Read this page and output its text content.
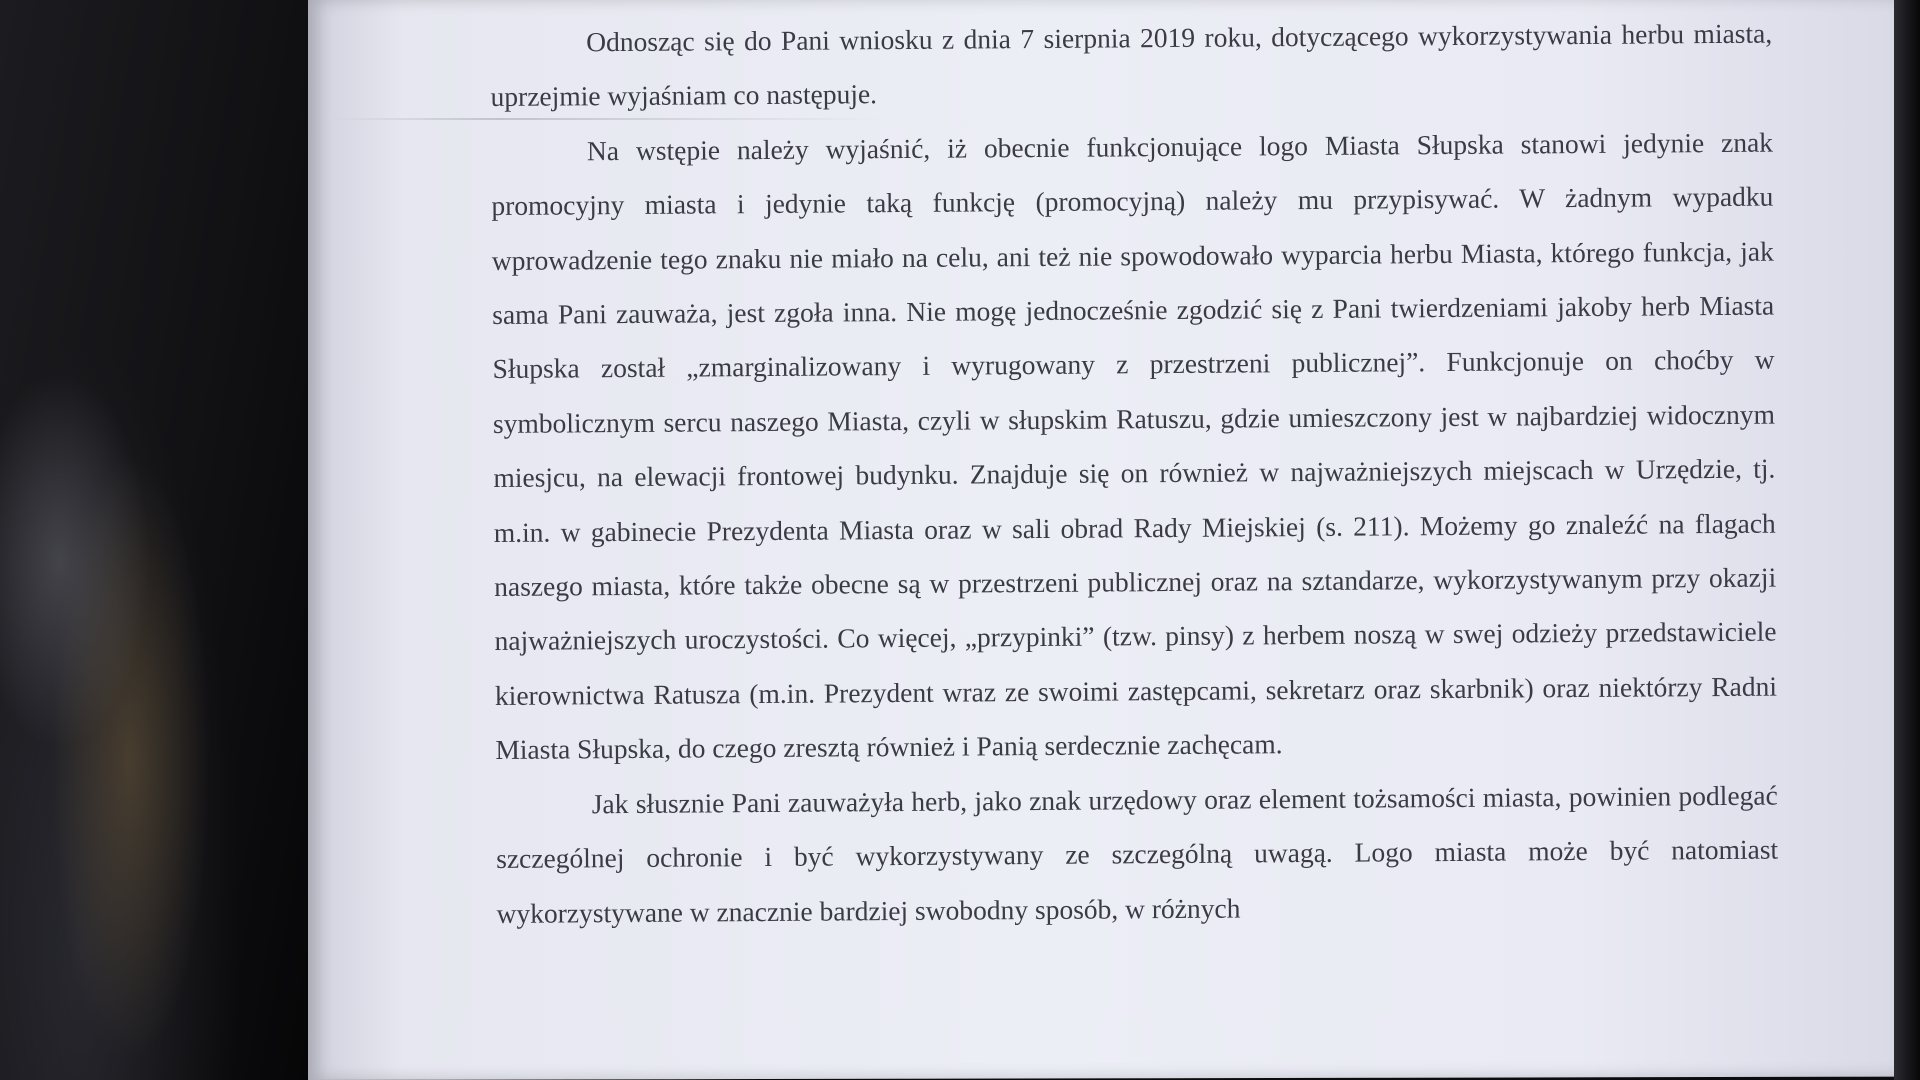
Odnosząc się do Pani wniosku z dnia 7 sierpnia 2019 roku, dotyczącego wykorzystywania herbu miasta, uprzejmie wyjaśniam co następuje.

Na wstępie należy wyjaśnić, iż obecnie funkcjonujące logo Miasta Słupska stanowi jedynie znak promocyjny miasta i jedynie taką funkcję (promocyjną) należy mu przypisywać. W żadnym wypadku wprowadzenie tego znaku nie miało na celu, ani też nie spowodowało wyparcia herbu Miasta, którego funkcja, jak sama Pani zauważa, jest zgoła inna. Nie mogę jednocześnie zgodzić się z Pani twierdzeniami jakoby herb Miasta Słupska został „zmarginalizowany i wyrugowany z przestrzeni publicznej”. Funkcjonuje on choćby w symbolicznym sercu naszego Miasta, czyli w słupskim Ratuszu, gdzie umieszczony jest w najbardziej widocznym miesjcu, na elewacji frontowej budynku. Znajduje się on również w najważniejszych miejscach w Urzędzie, tj. m.in. w gabinecie Prezydenta Miasta oraz w sali obrad Rady Miejskiej (s. 211). Możemy go znaleźć na flagach naszego miasta, które także obecne są w przestrzeni publicznej oraz na sztandarze, wykorzystywanym przy okazji najważniejszych uroczystości. Co więcej, „przypinki” (tzw. pinsy) z herbem noszą w swej odzieży przedstawiciele kierownictwa Ratusza (m.in. Prezydent wraz ze swoimi zastępcami, sekretarz oraz skarbnik) oraz niektórzy Radni Miasta Słupska, do czego zresztą również i Panią serdecznie zachęcam.

Jak słusznie Pani zauważyła herb, jako znak urzędowy oraz element tożsamości miasta, powinien podlegać szczególnej ochronie i być wykorzystywany ze szczególną uwagą. Logo miasta może być natomiast wykorzystywane w znacznie bardziej swobodny sposób, w różnych
